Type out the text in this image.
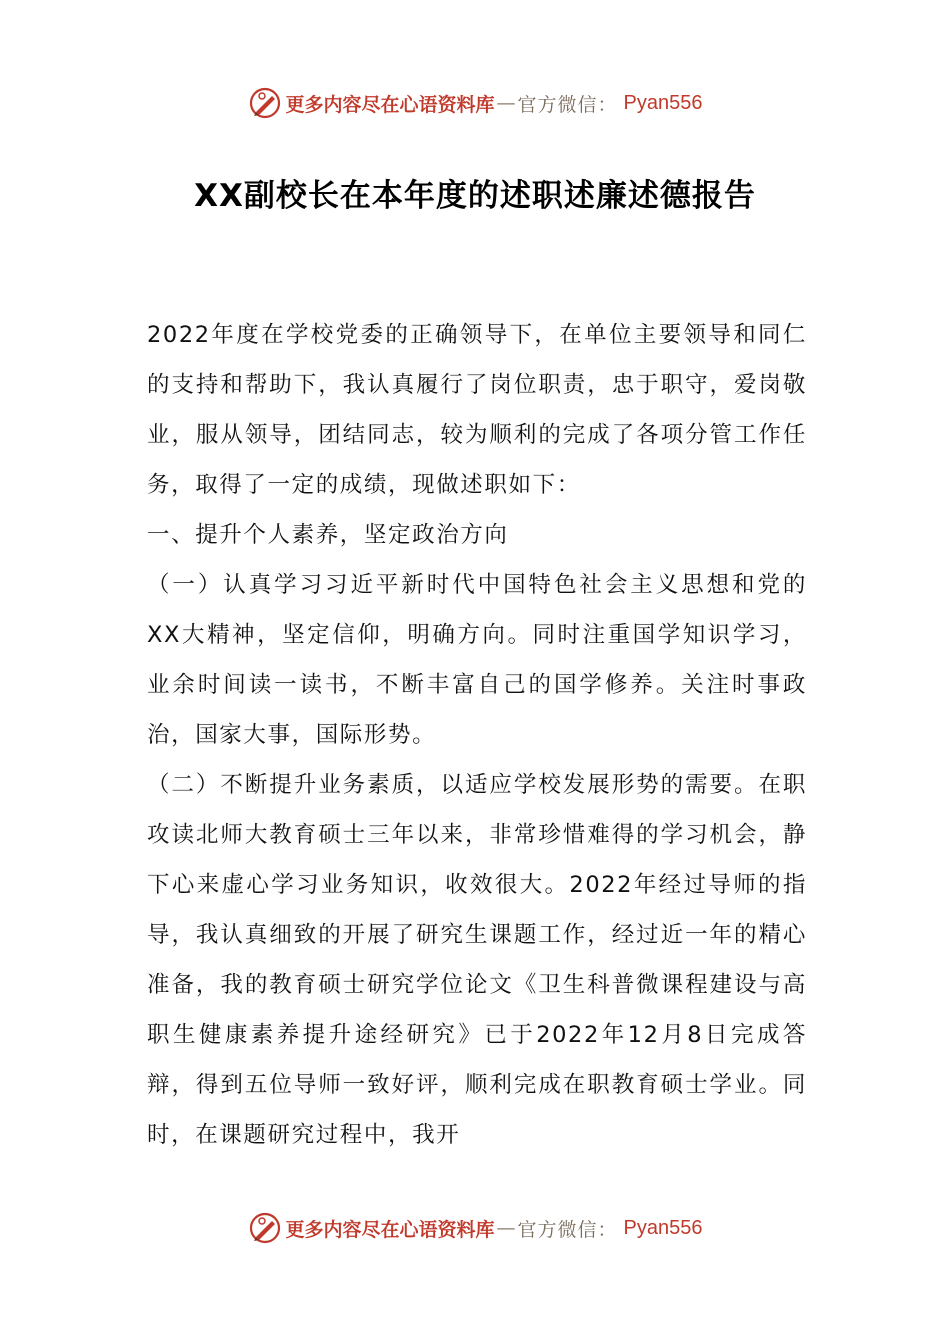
更多内容尽在心语资料库 — 官方微信： Pyan556
XX副校长在本年度的述职述廉述德报告

2022年度在学校党委的正确领导下，在单位主要领导和同仁的支持和帮助下，我认真履行了岗位职责，忠于职守，爱岗敬业，服从领导，团结同志，较为顺利的完成了各项分管工作任务，取得了一定的成绩，现做述职如下：

一、提升个人素养，坚定政治方向

（一）认真学习习近平新时代中国特色社会主义思想和党的XX大精神，坚定信仰，明确方向。同时注重国学知识学习，业余时间读一读书，不断丰富自己的国学修养。关注时事政治，国家大事，国际形势。

（二）不断提升业务素质，以适应学校发展形势的需要。在职攻读北师大教育硕士三年以来，非常珍惜难得的学习机会，静下心来虚心学习业务知识，收效很大。2022年经过导师的指导，我认真细致的开展了研究生课题工作，经过近一年的精心准备，我的教育硕士研究学位论文《卫生科普微课程建设与高职生健康素养提升途经研究》已于2022年12月8日完成答辩，得到五位导师一致好评，顺利完成在职教育硕士学业。同时，在课题研究过程中，我开

更多内容尽在心语资料库 — 官方微信： Pyan556
